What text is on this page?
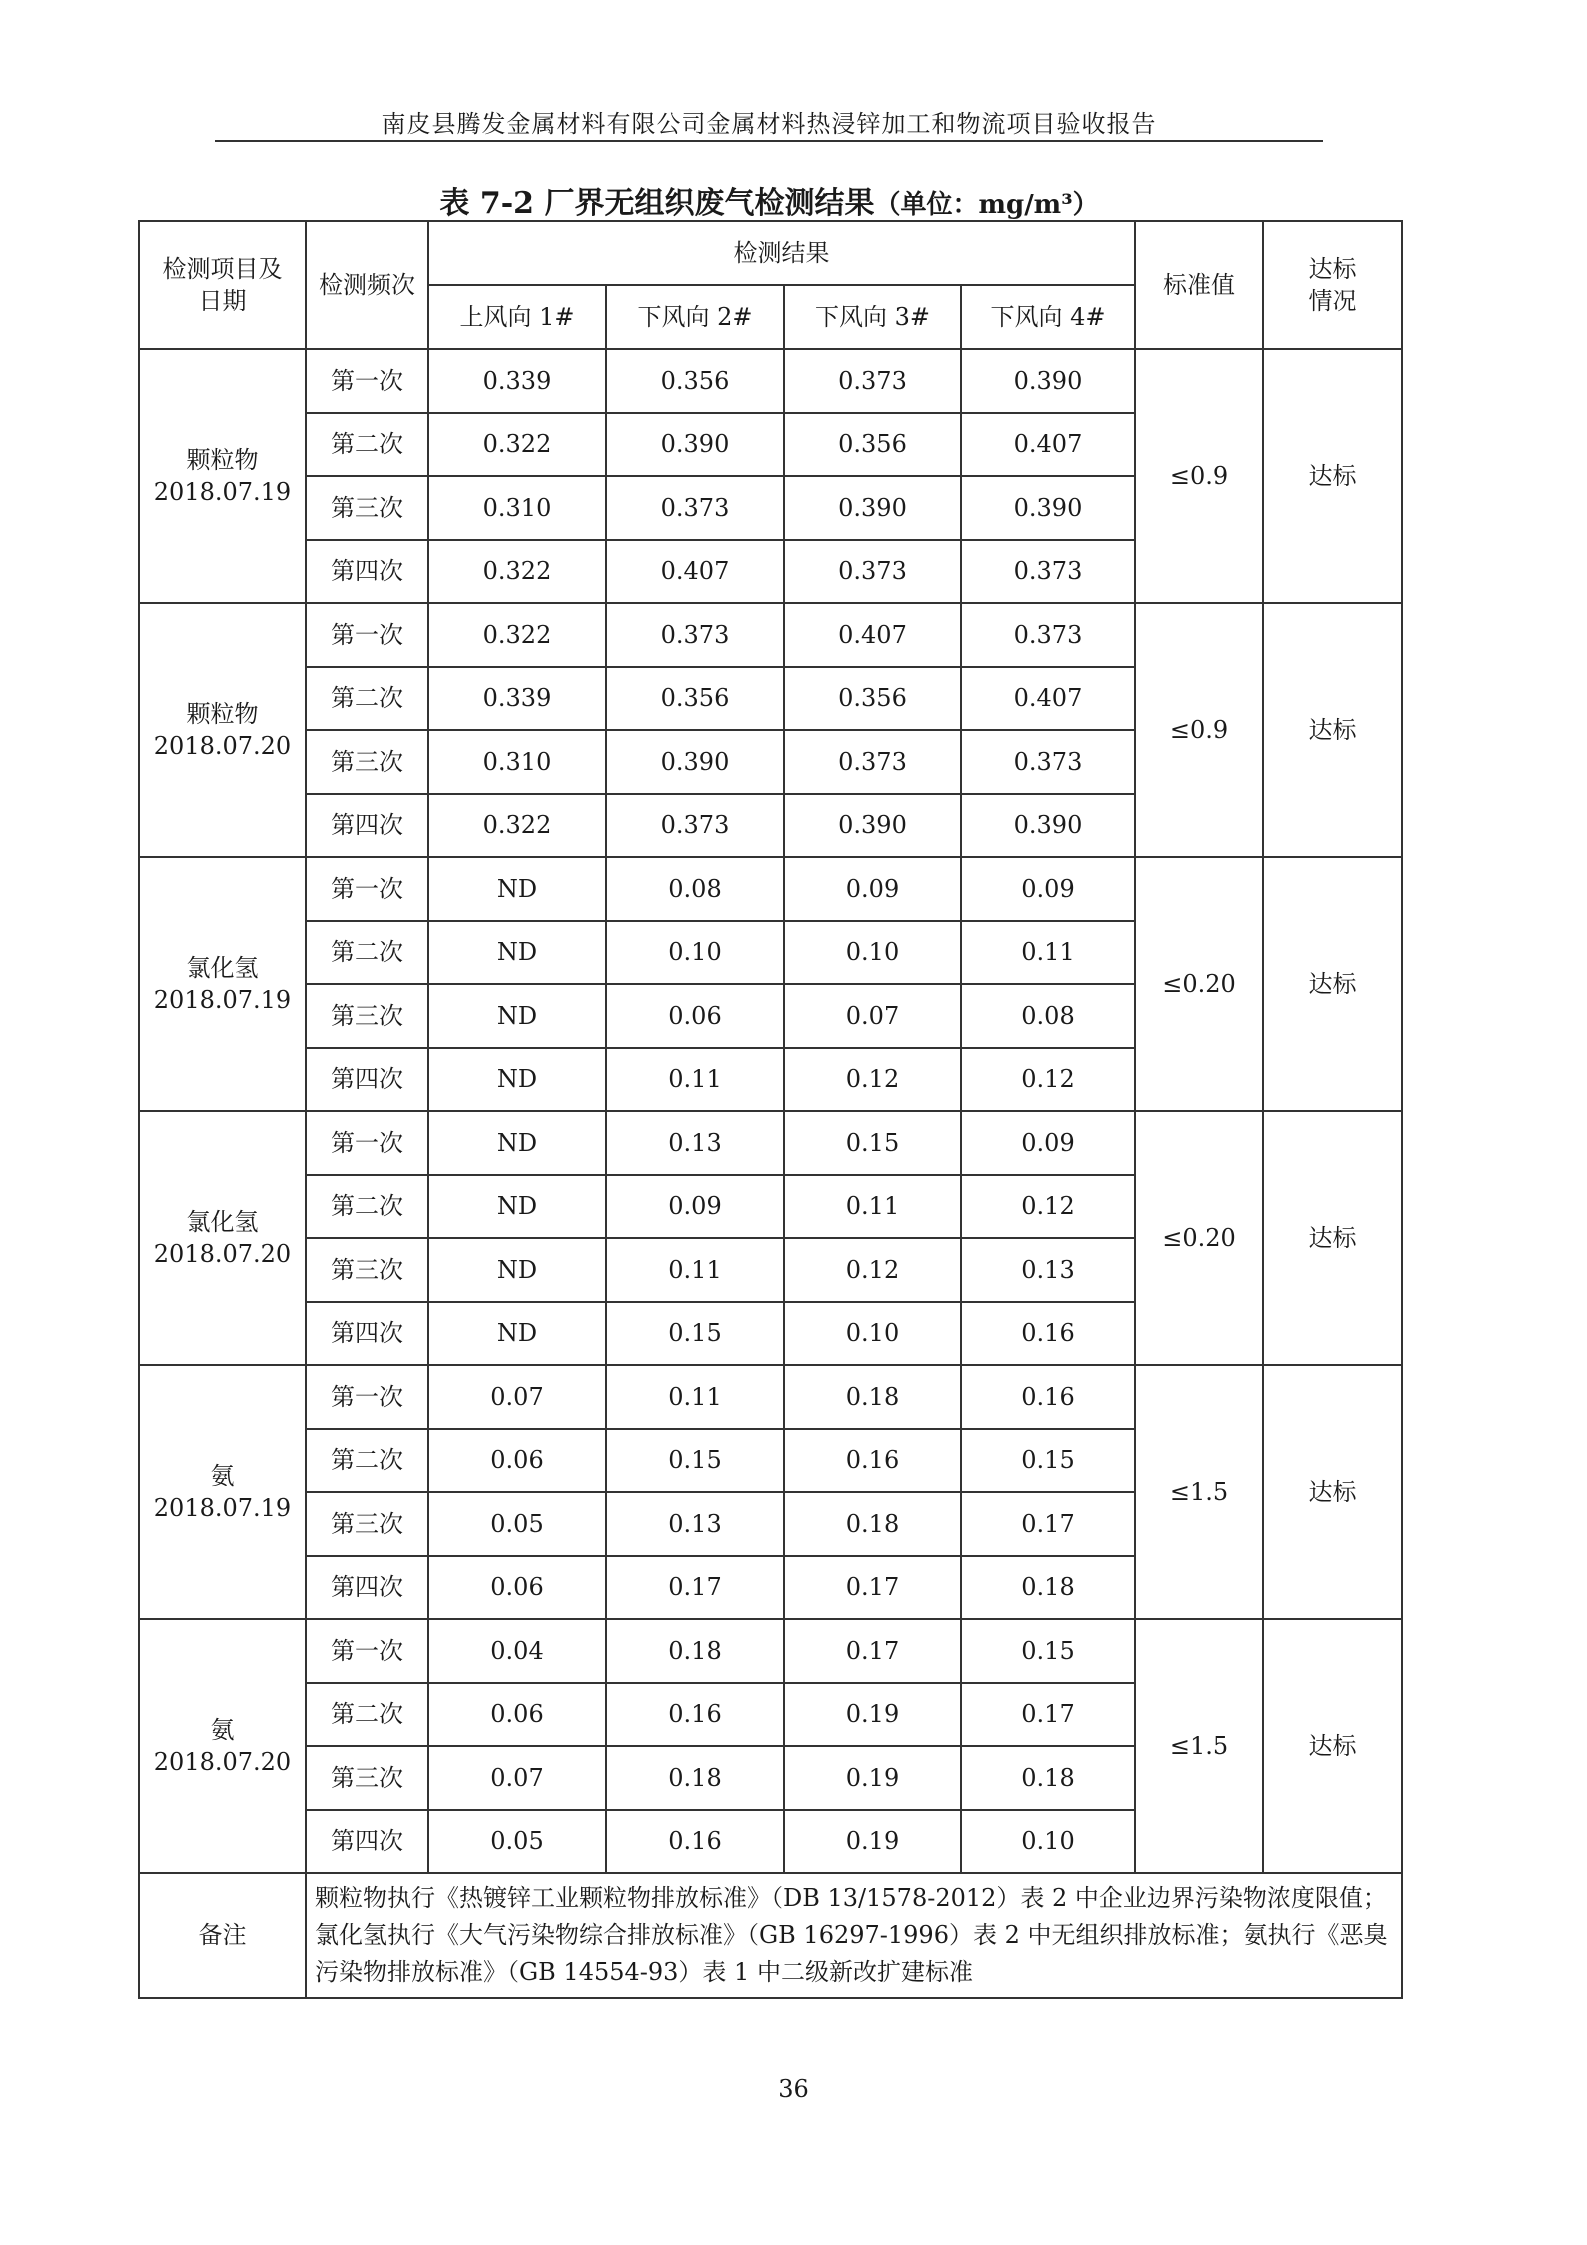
南皮县腾发金属材料有限公司金属材料热浸锌加工和物流项目验收报告
表 7-2 厂界无组织废气检测结果（单位：mg/m³）
检测项目及日期	检测频次	检测结果				标准值	达标情况
		上风向 1#	下风向 2#	下风向 3#	下风向 4#		

颗粒物
2018.07.19	第一次	0.339	0.356	0.373	0.390	≤0.9	达标
	第二次	0.322	0.390	0.356	0.407		
	第三次	0.310	0.373	0.390	0.390		
	第四次	0.322	0.407	0.373	0.373		

颗粒物
2018.07.20	第一次	0.322	0.373	0.407	0.373	≤0.9	达标
	第二次	0.339	0.356	0.356	0.407		
	第三次	0.310	0.390	0.373	0.373		
	第四次	0.322	0.373	0.390	0.390		

氯化氢
2018.07.19	第一次	ND	0.08	0.09	0.09	≤0.20	达标
	第二次	ND	0.10	0.10	0.11		
	第三次	ND	0.06	0.07	0.08		
	第四次	ND	0.11	0.12	0.12		

氯化氢
2018.07.20	第一次	ND	0.13	0.15	0.09	≤0.20	达标
	第二次	ND	0.09	0.11	0.12		
	第三次	ND	0.11	0.12	0.13		
	第四次	ND	0.15	0.10	0.16		

氨
2018.07.19	第一次	0.07	0.11	0.18	0.16	≤1.5	达标
	第二次	0.06	0.15	0.16	0.15		
	第三次	0.05	0.13	0.18	0.17		
	第四次	0.06	0.17	0.17	0.18		

氨
2018.07.20	第一次	0.04	0.18	0.17	0.15	≤1.5	达标
	第二次	0.06	0.16	0.19	0.17		
	第三次	0.07	0.18	0.19	0.18		
	第四次	0.05	0.16	0.19	0.10		
备注	颗粒物执行《热镀锌工业颗粒物排放标准》（DB 13/1578-2012）表 2 中企业边界污染物浓度限值；氯化氢执行《大气污染物综合排放标准》（GB 16297-1996）表 2 中无组织排放标准；氨执行《恶臭污染物排放标准》（GB 14554-93）表 1 中二级新改扩建标准						
36
